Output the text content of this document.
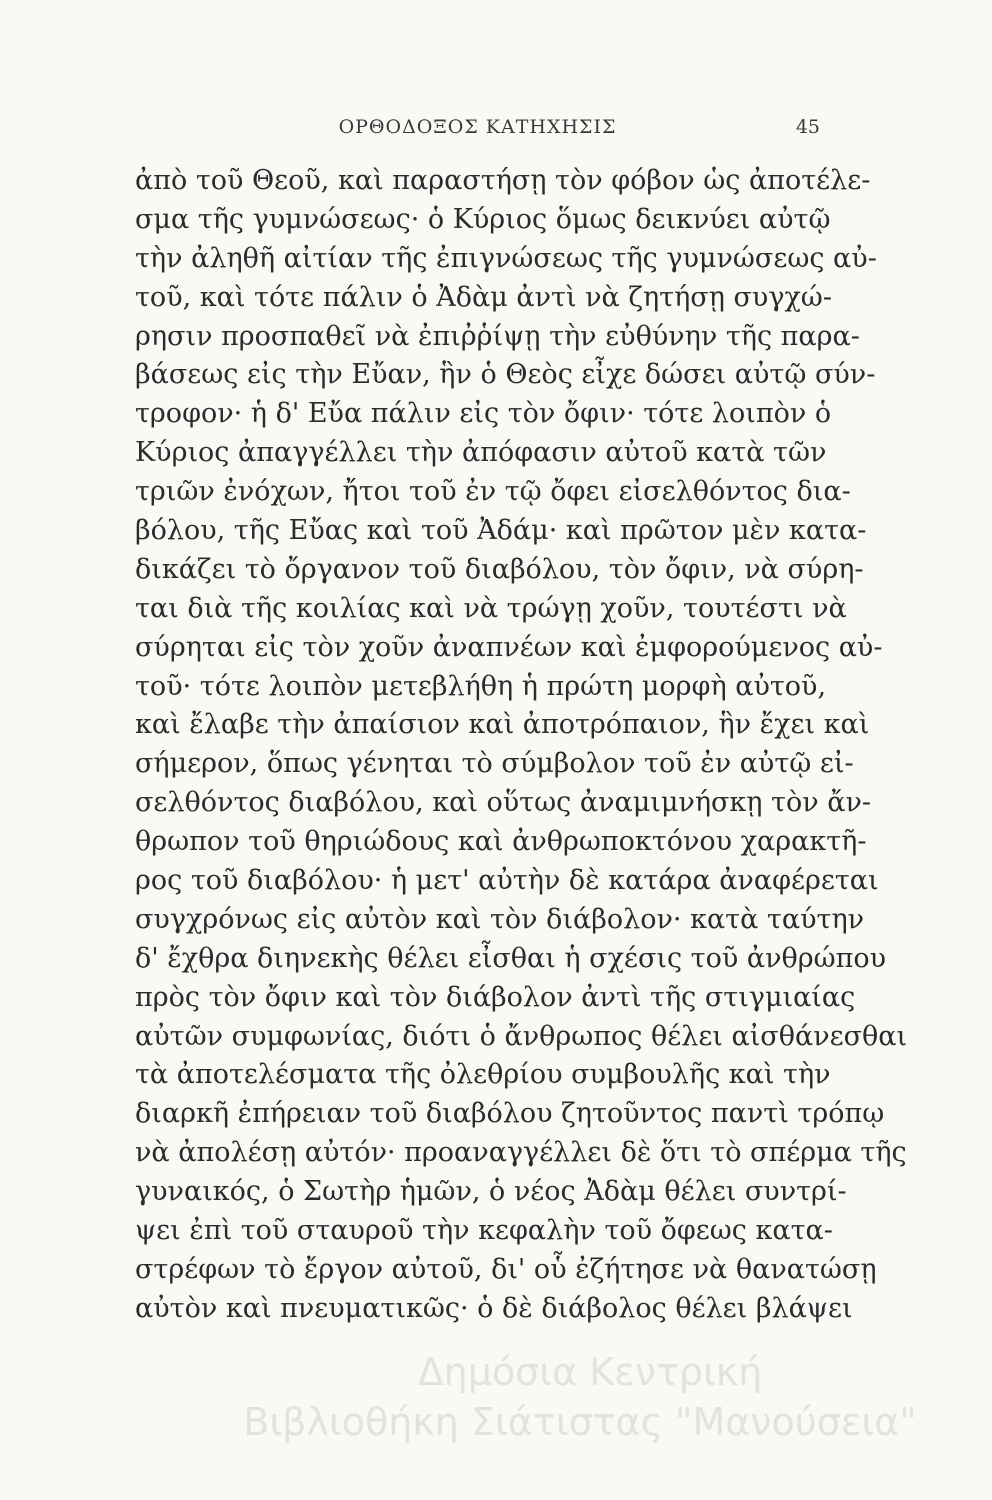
ΟΡΘΟΔΟΞΟΣ ΚΑΤΗΧΗΣΙΣ	45
ἀπὸ τοῦ Θεοῦ, καὶ παραστήσῃ τὸν φόβον ὡς ἀποτέλε-
σμα τῆς γυμνώσεως· ὁ Κύριος ὅμως δεικνύει αὐτῷ
τὴν ἀληθῆ αἰτίαν τῆς ἐπιγνώσεως τῆς γυμνώσεως αὐ-
τοῦ, καὶ τότε πάλιν ὁ Ἀδὰμ ἀντὶ νὰ ζητήσῃ συγχώ-
ρησιν προσπαθεῖ νὰ ἐπιῤῥίψῃ τὴν εὐθύνην τῆς παρα-
βάσεως εἰς τὴν Εὔαν, ἣν ὁ Θεὸς εἶχε δώσει αὐτῷ σύν-
τροφον· ἡ δ' Εὔα πάλιν εἰς τὸν ὄφιν· τότε λοιπὸν ὁ
Κύριος ἀπαγγέλλει τὴν ἀπόφασιν αὐτοῦ κατὰ τῶν
τριῶν ἐνόχων, ἤτοι τοῦ ἐν τῷ ὄφει εἰσελθόντος δια-
βόλου, τῆς Εὔας καὶ τοῦ Ἀδάμ· καὶ πρῶτον μὲν κατα-
δικάζει τὸ ὄργανον τοῦ διαβόλου, τὸν ὄφιν, νὰ σύρη-
ται διὰ τῆς κοιλίας καὶ νὰ τρώγῃ χοῦν, τουτέστι νὰ
σύρηται εἰς τὸν χοῦν ἀναπνέων καὶ ἐμφορούμενος αὐ-
τοῦ· τότε λοιπὸν μετεβλήθη ἡ πρώτη μορφὴ αὐτοῦ,
καὶ ἔλαβε τὴν ἀπαίσιον καὶ ἀποτρόπαιον, ἣν ἔχει καὶ
σήμερον, ὅπως γένηται τὸ σύμβολον τοῦ ἐν αὐτῷ εἰ-
σελθόντος διαβόλου, καὶ οὕτως ἀναμιμνήσκῃ τὸν ἄν-
θρωπον τοῦ θηριώδους καὶ ἀνθρωποκτόνου χαρακτῆ-
ρος τοῦ διαβόλου· ἡ μετ' αὐτὴν δὲ κατάρα ἀναφέρεται
συγχρόνως εἰς αὐτὸν καὶ τὸν διάβολον· κατὰ ταύτην
δ' ἔχθρα διηνεκὴς θέλει εἶσθαι ἡ σχέσις τοῦ ἀνθρώπου
πρὸς τὸν ὄφιν καὶ τὸν διάβολον ἀντὶ τῆς στιγμιαίας
αὐτῶν συμφωνίας, διότι ὁ ἄνθρωπος θέλει αἰσθάνεσθαι
τὰ ἀποτελέσματα τῆς ὀλεθρίου συμβουλῆς καὶ τὴν
διαρκῆ ἐπήρειαν τοῦ διαβόλου ζητοῦντος παντὶ τρόπῳ
νὰ ἀπολέσῃ αὐτόν· προαναγγέλλει δὲ ὅτι τὸ σπέρμα τῆς
γυναικός, ὁ Σωτὴρ ἡμῶν, ὁ νέος Ἀδὰμ θέλει συντρί-
ψει ἐπὶ τοῦ σταυροῦ τὴν κεφαλὴν τοῦ ὄφεως κατα-
στρέφων τὸ ἔργον αὐτοῦ, δι' οὗ ἐζήτησε νὰ θανατώσῃ
αὐτὸν καὶ πνευματικῶς· ὁ δὲ διάβολος θέλει βλάψει
Δημόσια Κεντρική
Βιβλιοθήκη Σιάτιστας "Μανούσεια"
